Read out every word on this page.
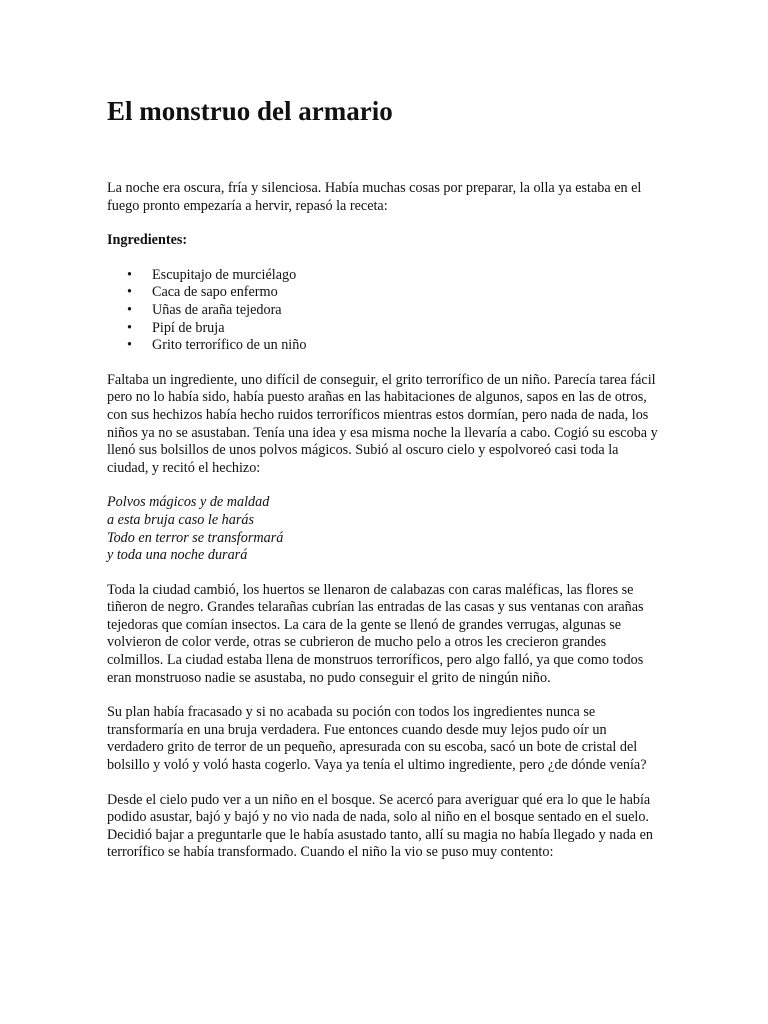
El monstruo del armario

La noche era oscura, fría y silenciosa. Había muchas cosas por preparar, la olla ya estaba en el fuego pronto empezaría a hervir, repasó la receta:

Ingredientes:

• Escupitajo de murciélago
• Caca de sapo enfermo
• Uñas de araña tejedora
• Pipí de bruja
• Grito terrorífico de un niño

Faltaba un ingrediente, uno difícil de conseguir, el grito terrorífico de un niño. Parecía tarea fácil pero no lo había sido, había puesto arañas en las habitaciones de algunos, sapos en las de otros, con sus hechizos había hecho ruidos terroríficos mientras estos dormían, pero nada de nada, los niños ya no se asustaban. Tenía una idea y esa misma noche la llevaría a cabo. Cogió su escoba y llenó sus bolsillos de unos polvos mágicos. Subió al oscuro cielo y espolvoreó casi toda la ciudad, y recitó el hechizo:

Polvos mágicos y de maldad
a esta bruja caso le harás
Todo en terror se transformará
y toda una noche durará

Toda la ciudad cambió, los huertos se llenaron de calabazas con caras maléficas, las flores se tiñeron de negro. Grandes telarañas cubrían las entradas de las casas y sus ventanas con arañas tejedoras que comían insectos. La cara de la gente se llenó de grandes verrugas, algunas se volvieron de color verde, otras se cubrieron de mucho pelo a otros les crecieron grandes colmillos. La ciudad estaba llena de monstruos terroríficos, pero algo falló, ya que como todos eran monstruoso nadie se asustaba, no pudo conseguir el grito de ningún niño.

Su plan había fracasado y si no acabada su poción con todos los ingredientes nunca se transformaría en una bruja verdadera. Fue entonces cuando desde muy lejos pudo oír un verdadero grito de terror de un pequeño, apresurada con su escoba, sacó un bote de cristal del bolsillo y voló y voló hasta cogerlo. Vaya ya tenía el ultimo ingrediente, pero ¿de dónde venía?

Desde el cielo pudo ver a un niño en el bosque. Se acercó para averiguar qué era lo que le había podido asustar, bajó y bajó y no vio nada de nada, solo al niño en el bosque sentado en el suelo. Decidió bajar a preguntarle que le había asustado tanto, allí su magia no había llegado y nada en terrorífico se había transformado. Cuando el niño la vio se puso muy contento:
